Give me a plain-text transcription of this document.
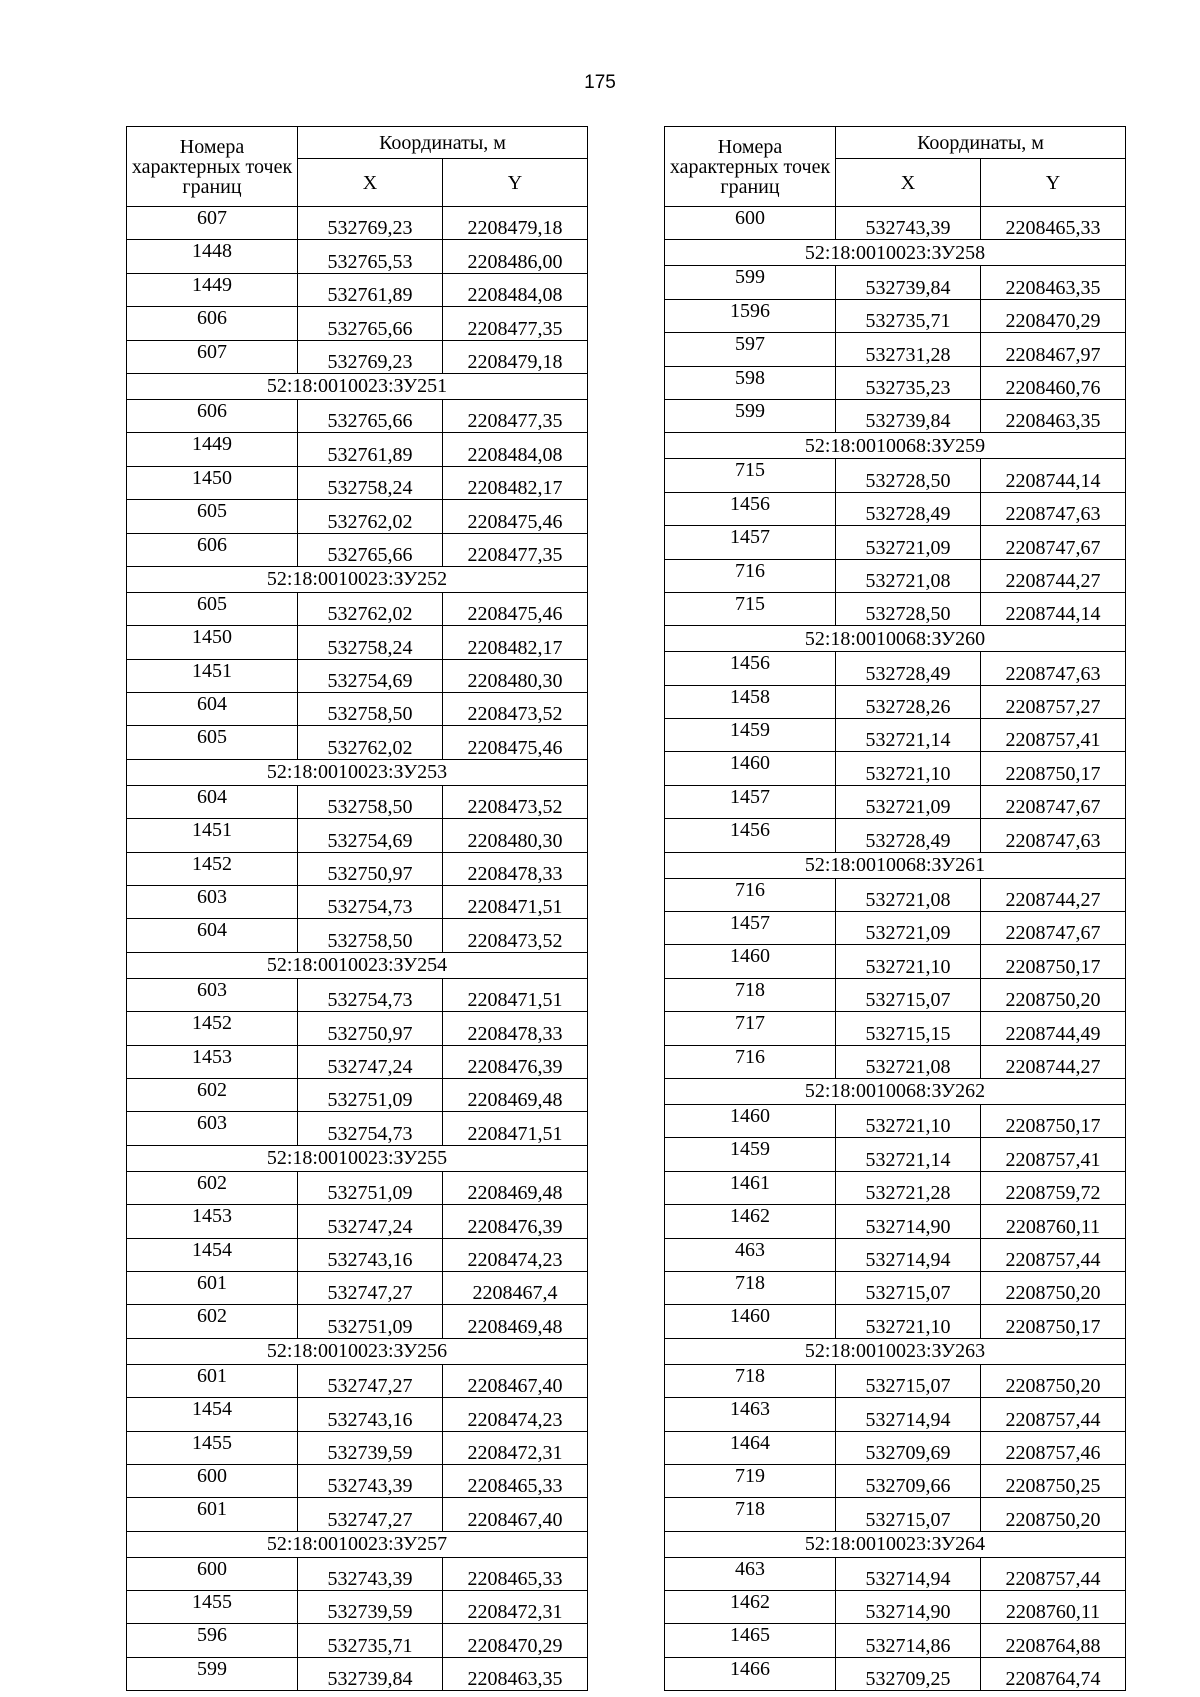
175
Номера характерных точек границ	Координаты, м	
	X	Y
607	532769,23	2208479,18
1448	532765,53	2208486,00
1449	532761,89	2208484,08
606	532765,66	2208477,35
607	532769,23	2208479,18
52:18:0010023:ЗУ251		
606	532765,66	2208477,35
1449	532761,89	2208484,08
1450	532758,24	2208482,17
605	532762,02	2208475,46
606	532765,66	2208477,35
52:18:0010023:ЗУ252		
605	532762,02	2208475,46
1450	532758,24	2208482,17
1451	532754,69	2208480,30
604	532758,50	2208473,52
605	532762,02	2208475,46
52:18:0010023:ЗУ253		
604	532758,50	2208473,52
1451	532754,69	2208480,30
1452	532750,97	2208478,33
603	532754,73	2208471,51
604	532758,50	2208473,52
52:18:0010023:ЗУ254		
603	532754,73	2208471,51
1452	532750,97	2208478,33
1453	532747,24	2208476,39
602	532751,09	2208469,48
603	532754,73	2208471,51
52:18:0010023:ЗУ255		
602	532751,09	2208469,48
1453	532747,24	2208476,39
1454	532743,16	2208474,23
601	532747,27	2208467,4
602	532751,09	2208469,48
52:18:0010023:ЗУ256		
601	532747,27	2208467,40
1454	532743,16	2208474,23
1455	532739,59	2208472,31
600	532743,39	2208465,33
601	532747,27	2208467,40
52:18:0010023:ЗУ257		
600	532743,39	2208465,33
1455	532739,59	2208472,31
596	532735,71	2208470,29
599	532739,84	2208463,35
Номера характерных точек границ	Координаты, м	
	X	Y
600	532743,39	2208465,33
52:18:0010023:ЗУ258		
599	532739,84	2208463,35
1596	532735,71	2208470,29
597	532731,28	2208467,97
598	532735,23	2208460,76
599	532739,84	2208463,35
52:18:0010068:ЗУ259		
715	532728,50	2208744,14
1456	532728,49	2208747,63
1457	532721,09	2208747,67
716	532721,08	2208744,27
715	532728,50	2208744,14
52:18:0010068:ЗУ260		
1456	532728,49	2208747,63
1458	532728,26	2208757,27
1459	532721,14	2208757,41
1460	532721,10	2208750,17
1457	532721,09	2208747,67
1456	532728,49	2208747,63
52:18:0010068:ЗУ261		
716	532721,08	2208744,27
1457	532721,09	2208747,67
1460	532721,10	2208750,17
718	532715,07	2208750,20
717	532715,15	2208744,49
716	532721,08	2208744,27
52:18:0010068:ЗУ262		
1460	532721,10	2208750,17
1459	532721,14	2208757,41
1461	532721,28	2208759,72
1462	532714,90	2208760,11
463	532714,94	2208757,44
718	532715,07	2208750,20
1460	532721,10	2208750,17
52:18:0010023:ЗУ263		
718	532715,07	2208750,20
1463	532714,94	2208757,44
1464	532709,69	2208757,46
719	532709,66	2208750,25
718	532715,07	2208750,20
52:18:0010023:ЗУ264		
463	532714,94	2208757,44
1462	532714,90	2208760,11
1465	532714,86	2208764,88
1466	532709,25	2208764,74
